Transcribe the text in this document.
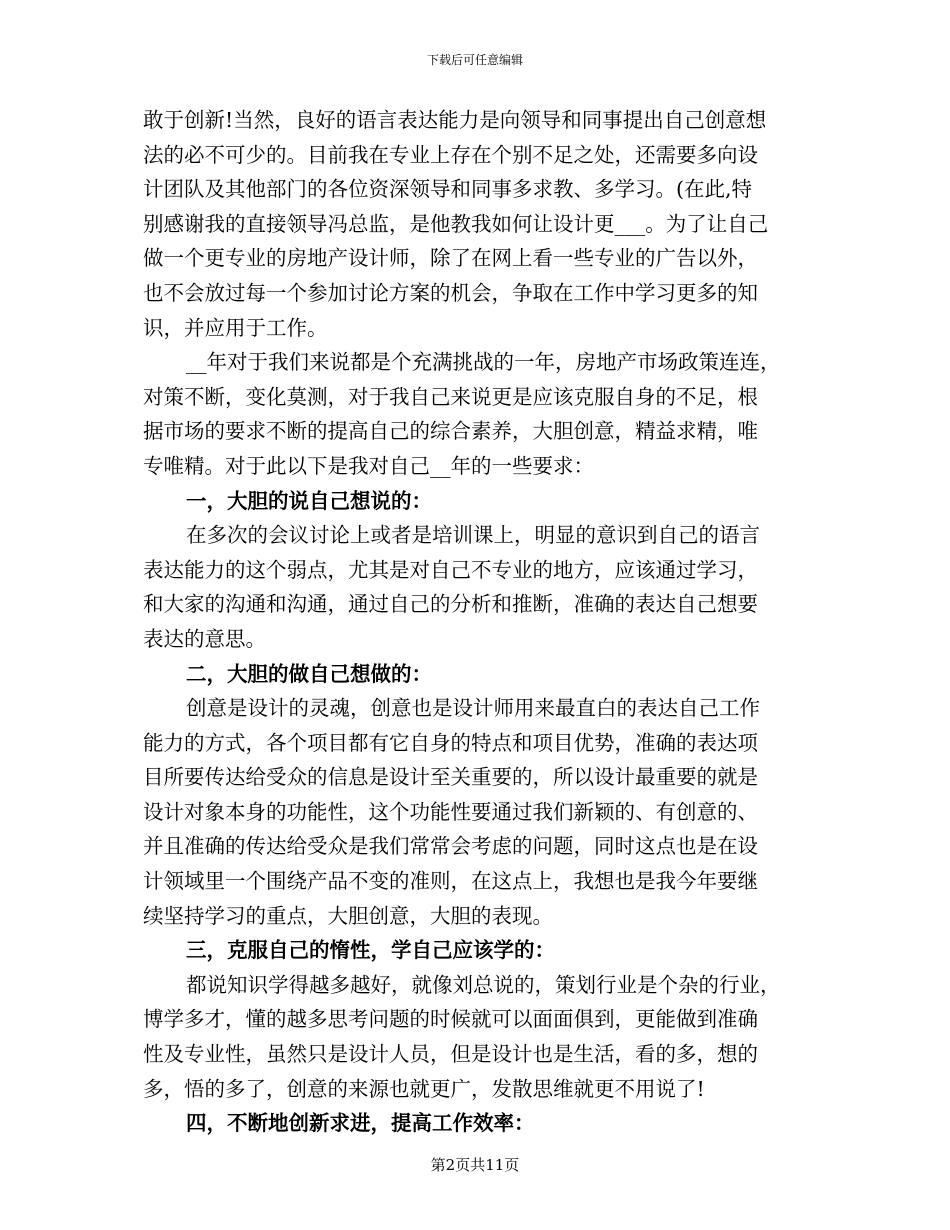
下载后可任意编辑
敢于创新!当然，良好的语言表达能力是向领导和同事提出自己创意想
法的必不可少的。目前我在专业上存在个别不足之处，还需要多向设
计团队及其他部门的各位资深领导和同事多求教、多学习。(在此,特
别感谢我的直接领导冯总监，是他教我如何让设计更___。为了让自己
做一个更专业的房地产设计师，除了在网上看一些专业的广告以外，
也不会放过每一个参加讨论方案的机会，争取在工作中学习更多的知
识，并应用于工作。
__年对于我们来说都是个充满挑战的一年，房地产市场政策连连，
对策不断，变化莫测，对于我自己来说更是应该克服自身的不足，根
据市场的要求不断的提高自己的综合素养，大胆创意，精益求精，唯
专唯精。对于此以下是我对自己__年的一些要求：
一，大胆的说自己想说的：
在多次的会议讨论上或者是培训课上，明显的意识到自己的语言
表达能力的这个弱点，尤其是对自己不专业的地方，应该通过学习，
和大家的沟通和沟通，通过自己的分析和推断，准确的表达自己想要
表达的意思。
二，大胆的做自己想做的：
创意是设计的灵魂，创意也是设计师用来最直白的表达自己工作
能力的方式，各个项目都有它自身的特点和项目优势，准确的表达项
目所要传达给受众的信息是设计至关重要的，所以设计最重要的就是
设计对象本身的功能性，这个功能性要通过我们新颖的、有创意的、
并且准确的传达给受众是我们常常会考虑的问题，同时这点也是在设
计领域里一个围绕产品不变的准则，在这点上，我想也是我今年要继
续坚持学习的重点，大胆创意，大胆的表现。
三，克服自己的惰性，学自己应该学的：
都说知识学得越多越好，就像刘总说的，策划行业是个杂的行业，
博学多才，懂的越多思考问题的时候就可以面面俱到，更能做到准确
性及专业性，虽然只是设计人员，但是设计也是生活，看的多，想的
多，悟的多了，创意的来源也就更广，发散思维就更不用说了!
四，不断地创新求进，提高工作效率：
第2页共11页
